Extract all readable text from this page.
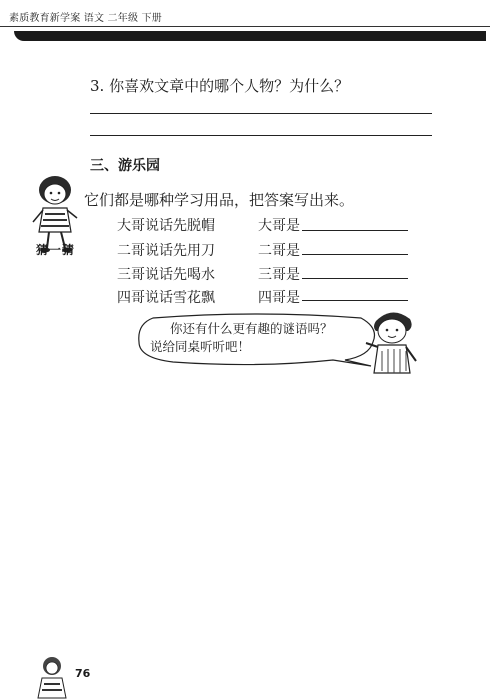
素质教育新学案 语文 二年级 下册
3. 你喜欢文章中的哪个人物？为什么？
三、游乐园
猜一猜
它们都是哪种学习用品，把答案写出来。
大哥说话先脱帽
二哥说话先用刀
三哥说话先喝水
四哥说话雪花飘
大哥是
二哥是
三哥是
四哥是
你还有什么更有趣的谜语吗？
说给同桌听听吧！
76
